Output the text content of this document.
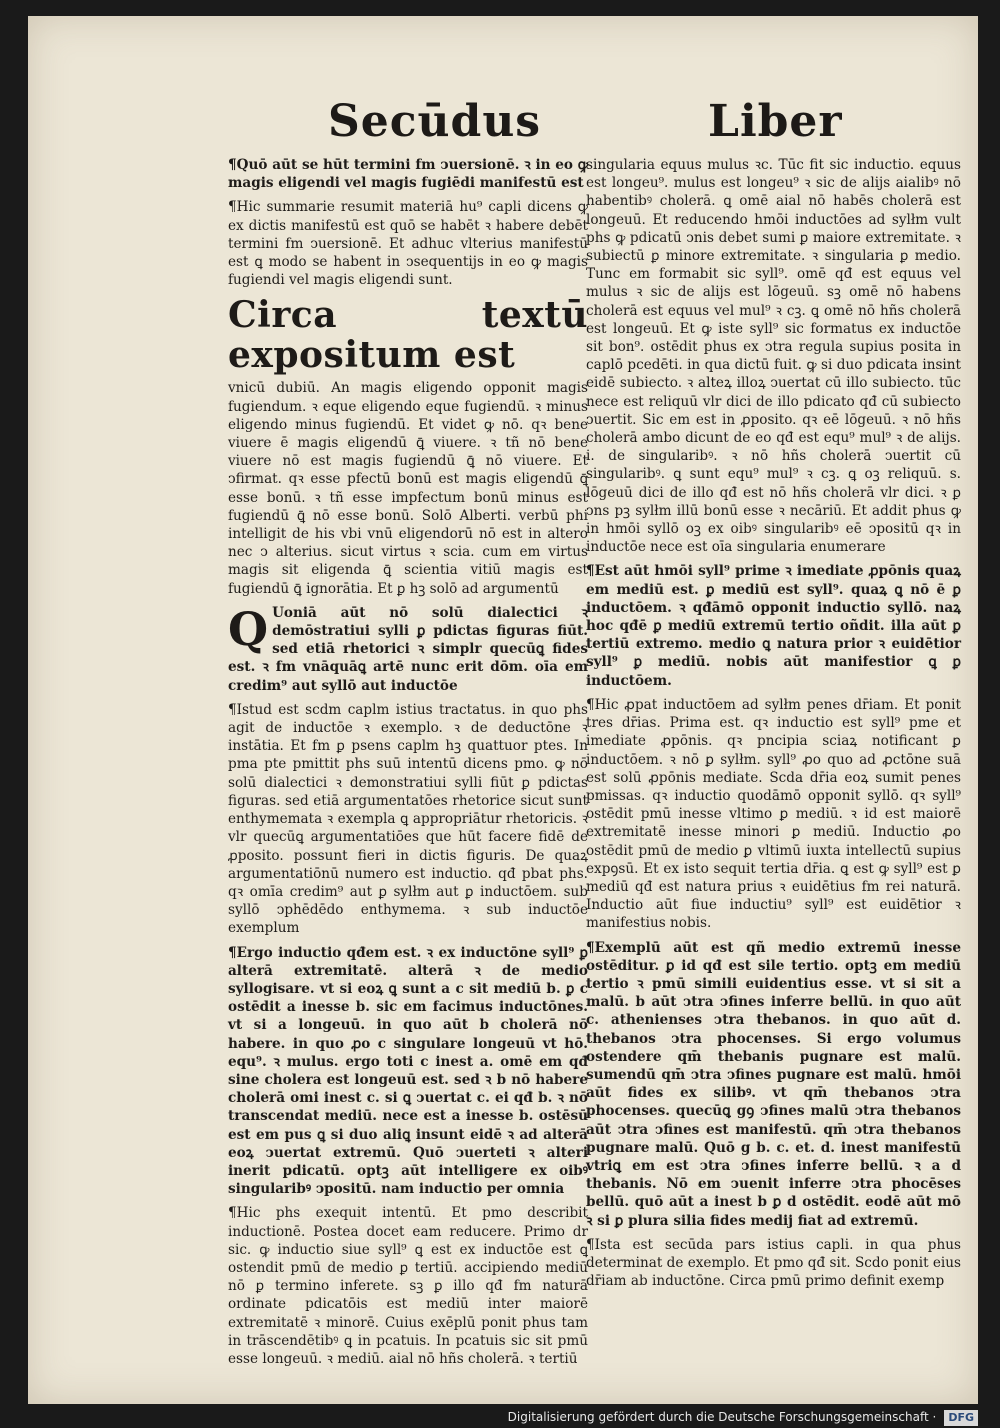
Secūdus	Liber

¶Quō aūt se hūt termini fm ↄuersionē. ꝛ in eo ꝙ magis eligendi vel magis fugiēdi manifestū est

¶Hic summarie resumit materiā hu⁹ capli dicens ꝙ ex dictis manifestū est quō se habēt ꝛ habere debēt termini fm ↄuersionē. Et adhuc vlterius manifestū est ꝗ modo se habent in ↄsequentijs in eo ꝙ magis fugiendi vel magis eligendi sunt.

Circa textū expositum est

vnicū dubiū. An magis eligendo opponit magis fugiendum. ꝛ eque eligendo eque fugiendū. ꝛ minus eligendo minus fugiendū. Et videt ꝙ nō. qꝛ bene viuere ē magis eligendū ꝗ̄ viuere. ꝛ tñ nō bene viuere nō est magis fugiendū ꝗ̄ nō viuere. Et ↄfirmat. qꝛ esse pfectū bonū est magis eligendū ꝗ̄ esse bonū. ꝛ tñ esse impfectum bonū minus est fugiendū ꝗ̄ nō esse bonū. Solō Alberti. verbū phi intelligit de his vbi vnū eligendorū nō est in altero nec ↄ alterius. sicut virtus ꝛ scia. cum em virtus magis sit eligenda ꝗ̄ scientia vitiū magis est fugiendū ꝗ̄ ignorātia. Et ꝑ hꝫ solō ad argumentū

Q Uoniā aūt nō solū dialectici ꝛ demōstratiui sylli ꝑ pdictas figuras fiūt. sed etiā rhetorici ꝛ simplr quecūꝗ fides est. ꝛ fm vnāquāꝗ artē nunc erit dōm. oīa em credim⁹ aut syllō aut inductōe

¶Istud est scdm caplm istius tractatus. in quo phs agit de inductōe ꝛ exemplo. ꝛ de deductōne ꝛ instātia. Et fm ꝑ psens caplm hꝫ quattuor ptes. In pma pte pmittit phs suū intentū dicens pmo. ꝙ nō solū dialectici ꝛ demonstratiui sylli fiūt ꝑ pdictas figuras. sed etiā argumentatōes rhetorice sicut sunt enthymemata ꝛ exempla ꝗ appropriātur rhetoricis. ꝛ vlr quecūꝗ argumentatiōes que hūt facere fidē de ꝓposito. possunt fieri in dictis figuris. De quaꝝ argumentatiōnū numero est inductio. qđ pbat phs. qꝛ omīa credim⁹ aut ꝑ sylłm aut ꝑ inductōem. sub syllō ↄphēdēdo enthymema. ꝛ sub inductōe exemplum

¶Ergo inductio qđem est. ꝛ ex inductōne syll⁹ ꝑ alterā extremitatē. alterā ꝛ de medio syllogisare. vt si eoꝝ ꝗ sunt a c sit mediū b. ꝑ c ostēdit a inesse b. sic em facimus inductōnes. vt si a longeuū. in quo aūt b cholerā nō habere. in quo ꝓo c singulare longeuū vt hō. equ⁹. ꝛ mulus. ergo toti c inest a. omē em qđ sine cholera est longeuū est. sed ꝛ b nō habere cholerā omi inest c. si ꝗ ↄuertat c. ei qđ b. ꝛ nō transcendat mediū. nece est a inesse b. ostēsū est em pus ꝗ si duo aliꝗ insunt eidē ꝛ ad alterā eoꝝ ↄuertat extremū. Quō ↄuerteti ꝛ alteri inerit pdicatū. optꝫ aūt intelligere ex oibꝰ singularibꝰ ↄpositū. nam inductio per omnia

¶Hic phs exequit intentū. Et pmo describit inductionē. Postea docet eam reducere. Primo dr sic. ꝙ inductio siue syll⁹ ꝗ est ex inductōe est ꝗ ostendit pmū de medio ꝑ tertiū. accipiendo mediū nō ꝑ termino inferete. sꝫ ꝑ illo qđ fm naturā ordinate pdicatōis est mediū inter maiorē extremitatē ꝛ minorē. Cuius exēplū ponit phus tam in trāscendētibꝰ ꝗ in pcatuis. In pcatuis sic sit pmū esse longeuū. ꝛ mediū. aial nō hñs cholerā. ꝛ tertiū

singularia equus mulus ꝛc. Tūc fit sic inductio. equus est longeu⁹. mulus est longeu⁹ ꝛ sic de alijs aialibꝰ nō habentibꝰ cholerā. ꝗ omē aial nō habēs cholerā est longeuū. Et reducendo hmōi inductōes ad sylłm vult phs ꝙ pdicatū ↄnis debet sumi ꝑ maiore extremitate. ꝛ subiectū ꝑ minore extremitate. ꝛ singularia ꝑ medio. Tunc em formabit sic syll⁹. omē qđ est equus vel mulus ꝛ sic de alijs est lōgeuū. sꝫ omē nō habens cholerā est equus vel mul⁹ ꝛ cꝫ. ꝗ omē nō hñs cholerā est longeuū. Et ꝙ iste syll⁹ sic formatus ex inductōe sit bon⁹. ostēdit phus ex ↄtra regula supius posita in caplō pcedēti. in qua dictū fuit. ꝙ si duo pdicata insint eidē subiecto. ꝛ alteꝝ illoꝝ ↄuertat cū illo subiecto. tūc nece est reliquū vlr dici de illo pdicato qđ cū subiecto ↄuertit. Sic em est in ꝓposito. qꝛ eē lōgeuū. ꝛ nō hñs cholerā ambo dicunt de eo qđ est equ⁹ mul⁹ ꝛ de alijs. i. de singularibꝰ. ꝛ nō hñs cholerā ↄuertit cū singularibꝰ. ꝗ sunt equ⁹ mul⁹ ꝛ cꝫ. ꝗ oꝫ reliquū. s. lōgeuū dici de illo qđ est nō hñs cholerā vlr dici. ꝛ ꝑ ↄns pꝫ sylłm illū bonū esse ꝛ necāriū. Et addit phus ꝙ in hmōi syllō oꝫ ex oibꝰ singularibꝰ eē ↄpositū qꝛ in inductōe nece est oīa singularia enumerare

¶Est aūt hmōi syll⁹ prime ꝛ imediate ꝓpōnis quaꝝ em mediū est. ꝑ mediū est syll⁹. quaꝝ ꝗ nō ē ꝑ inductōem. ꝛ qđāmō opponit inductio syllō. naꝝ hoc qđē ꝑ mediū extremū tertio oñdit. illa aūt ꝑ tertiū extremo. medio ꝗ natura prior ꝛ euidētior syll⁹ ꝑ mediū. nobis aūt manifestior ꝗ ꝑ inductōem.

¶Hic ꝓpat inductōem ad sylłm penes dr̄iam. Et ponit tres dr̄ias. Prima est. qꝛ inductio est syll⁹ pme et imediate ꝓpōnis. qꝛ pncipia sciaꝝ notificant ꝑ inductōem. ꝛ nō ꝑ sylłm. syll⁹ ꝓo quo ad ꝓctōne suā est solū ꝓpōnis mediate. Scda dr̄ia eoꝝ sumit penes pmissas. qꝛ inductio quodāmō opponit syllō. qꝛ syll⁹ ostēdit pmū inesse vltimo ꝑ mediū. ꝛ id est maiorē extremitatē inesse minori ꝑ mediū. Inductio ꝓo ostēdit pmū de medio ꝑ vltimū iuxta intellectū supius expꝯsū. Et ex isto sequit tertia dr̄ia. ꝗ est ꝙ syll⁹ est ꝑ mediū qđ est natura prius ꝛ euidētius fm rei naturā. Inductio aūt fiue inductiu⁹ syll⁹ est euidētior ꝛ manifestius nobis.

¶Exemplū aūt est qñ medio extremū inesse ostēditur. ꝑ id qđ est sile tertio. optꝫ em mediū tertio ꝛ pmū simili euidentius esse. vt si sit a malū. b aūt ↄtra ↄfines inferre bellū. in quo aūt c. athenienses ↄtra thebanos. in quo aūt d. thebanos ↄtra phocenses. Si ergo volumus ostendere qm̄ thebanis pugnare est malū. sumendū qm̄ ↄtra ↄfines pugnare est malū. hmōi aūt fides ex silibꝰ. vt qm̄ thebanos ↄtra phocenses. quecūꝗ gꝯ ↄfines malū ↄtra thebanos aūt ↄtra ↄfines est manifestū. qm̄ ↄtra thebanos pugnare malū. Quō g b. c. et. d. inest manifestū vtriꝗ em est ↄtra ↄfines inferre bellū. ꝛ a d thebanis. Nō em ↄuenit inferre ↄtra phocēses bellū. quō aūt a inest b ꝑ d ostēdit. eodē aūt mō ꝛ si ꝑ plura silia fides medij fiat ad extremū.

¶Ista est secūda pars istius capli. in qua phus determinat de exemplo. Et pmo qđ sit. Scdo ponit eius dr̄iam ab inductōne. Circa pmū primo definit exemp

Digitalisierung gefördert durch die Deutsche Forschungsgemeinschaft · DFG
